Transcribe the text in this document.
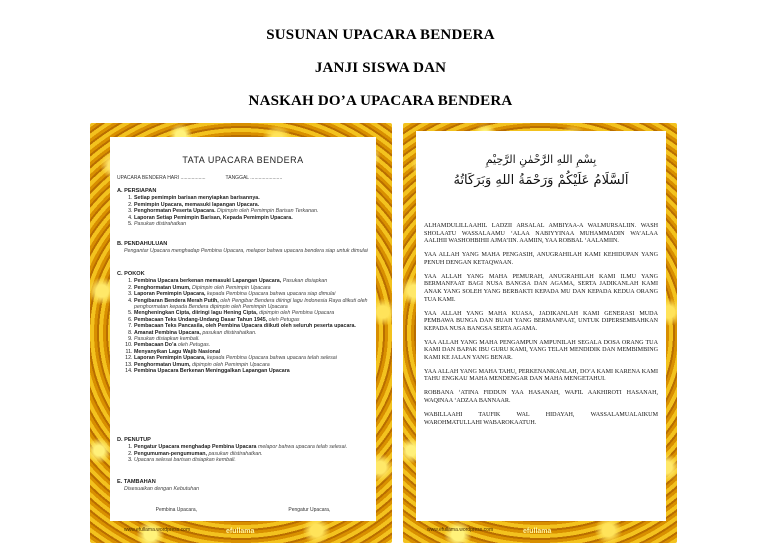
SUSUNAN UPACARA BENDERA
JANJI SISWA DAN
NASKAH DO’A UPACARA BENDERA
TATA UPACARA BENDERA
UPACARA BENDERA HARI ..................	TANGGAL .......................
A. PERSIAPAN
1. Setiap pemimpin barisan menyiapkan barisannya.
2. Pemimpin Upacara, memasuki lapangan Upacara.
3. Penghormatan Peserta Upacara. Dipimpin oleh Pemimpin Barisan Terkanan.
4. Laporan Setiap Pemimpin Barisan, Kepada Pemimpin Upacara.
5. Pasukan distirahatkan
B. PENDAHULUAN

Pengantar Upacara menghadap Pembina Upacara, melapor bahwa upacara bendera siap untuk dimulai

C. POKOK
1. Pembina Upacara berkenan memasuki Lapangan Upacara, Pasukan disiapkan
2. Penghormatan Umum, Dipimpin oleh Pemimpin Upacara
3. Laporan Pemimpin Upacara, kepada Pembina Upacara bahwa upacara siap dimulai
4. Pengibaran Bendera Merah Putih, oleh Pengibar Bendera diiringi lagu Indonesia Raya diikuti oleh penghormatan kepada Bendera dipimpin oleh Pemimpin Upacara
5. Mengheningkan Cipta, diiringi lagu Hening Cipta, dipimpin oleh Pembina Upacara
6. Pembacaan Teks Undang-Undang Dasar Tahun 1945, oleh Petugas
7. Pembacaan Teks Pancasila, oleh Pembina Upacara diikuti oleh seluruh peserta upacara.
8. Amanat Pembina Upacara, pasukan diistirahatkan.
9. Pasukan disiapkan kembali.
10. Pembacaan Do’a oleh Petugas.
11. Menyanyikan Lagu Wajib Nasional
12. Laporan Pemimpin Upacara, kepada Pembina Upacara bahwa upacara telah selesai
13. Penghormatan Umum, dipimpin oleh Pemimpin Upacara
14. Pembina Upacara Berkenan Meninggalkan Lapangan Upacara
D. PENUTUP
1. Pengatur Upacara menghadap Pembina Upacara melapor bahwa upacara telah selesai.
2. Pengumuman-pengumuman, pasukan diistirahatkan.
3. Upacara selesai barisan disiapkan kembali.
E. TAMBAHAN

Disesuaikan dengan Kebutuhan

Pembina Upacara,	Pengatur Upacara,
www.efullama.wordpress.com	efullama
بِسْمِ اللهِ الرَّحْمٰنِ الرَّحِيْمِ
اَلسَّلَامُ عَلَيْكُمْ وَرَحْمَةُ اللهِ وَبَرَكَاتُهُ

ALHAMDULILLAAHIL LADZII ARSALAL AMBIYAA-A WALMURSALIIN. WASH SHOLAATU WASSALAAMU ‘ALAA NABIYYINAA MUHAMMADIN WA’ALAA AALIHII WASHOHBIHII AJMA’IIN. AAMIIN, YAA ROBBAL ‘AALAMIIN.

YAA ALLAH YANG MAHA PENGASIH, ANUGRAHILAH KAMI KEHIDUPAN YANG PENUH DENGAN KETAQWAAN.

YAA ALLAH YANG MAHA PEMURAH, ANUGRAHILAH KAMI ILMU YANG BERMANFAAT BAGI NUSA BANGSA DAN AGAMA, SERTA JADIKANLAH KAMI ANAK YANG SOLEH YANG BERBAKTI KEPADA MU DAN KEPADA KEDUA ORANG TUA KAMI.

YAA ALLAH YANG MAHA KUASA, JADIKANLAH KAMI GENERASI MUDA PEMBAWA BUNGA DAN BUAH YANG BERMANFAAT, UNTUK DIPERSEMBAHKAN KEPADA NUSA BANGSA SERTA AGAMA.

YAA ALLAH YANG MAHA PENGAMPUN AMPUNILAH SEGALA DOSA ORANG TUA KAMI DAN BAPAK IBU GURU KAMI, YANG TELAH MENDIDIK DAN MEMBIMBING KAMI KE JALAN YANG BENAR.

YAA ALLAH YANG MAHA TAHU, PERKENANKANLAH, DO’A KAMI KARENA KAMI TAHU ENGKAU MAHA MENDENGAR DAN MAHA MENGETAHUI.

ROBBANA ‘ATINA FIDDUN YAA HASANAH, WAFIL AAKHIROTI HASANAH, WAQINAA ‘ADZAA BANNAAR.

WABILLAAHI TAUFIK WAL HIDAYAH, WASSALAMUALAIKUM WAROHMATULLAHI WABAROKAATUH.

www.efullama.wordpress.com	efullama
